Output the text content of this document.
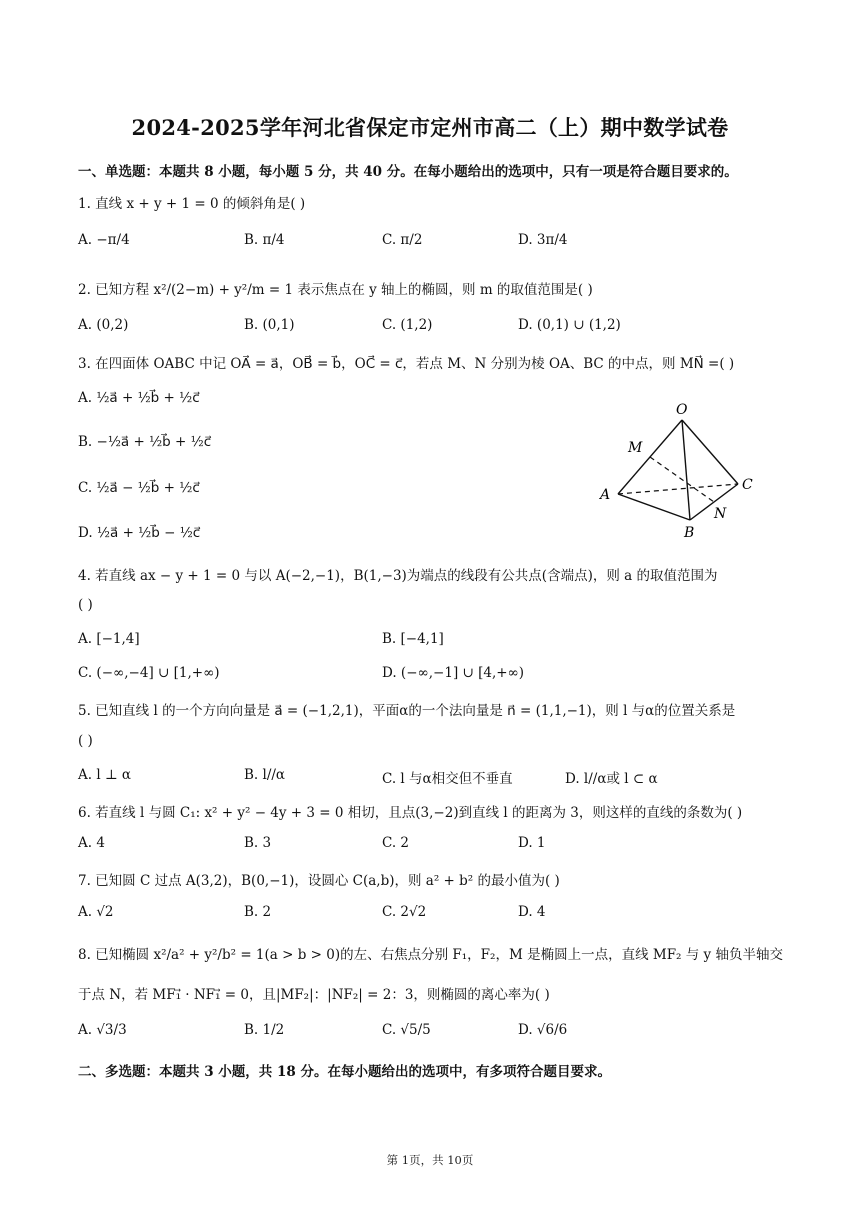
2024-2025学年河北省保定市定州市高二（上）期中数学试卷
一、单选题：本题共 8 小题，每小题 5 分，共 40 分。在每小题给出的选项中，只有一项是符合题目要求的。
1. 直线 x + y + 1 = 0 的倾斜角是( )
A. −π/4	B. π/4	C. π/2	D. 3π/4
2. 已知方程 x²/(2−m) + y²/m = 1 表示焦点在 y 轴上的椭圆，则 m 的取值范围是( )
A. (0,2)	B. (0,1)	C. (1,2)	D. (0,1) ∪ (1,2)
3. 在四面体 OABC 中记 OA⃗ = a⃗，OB⃗ = b⃗，OC⃗ = c⃗，若点 M、N 分别为棱 OA、BC 的中点，则 MN⃗ =( )
A. ½a⃗ + ½b⃗ + ½c⃗
B. −½a⃗ + ½b⃗ + ½c⃗
C. ½a⃗ − ½b⃗ + ½c⃗
D. ½a⃗ + ½b⃗ − ½c⃗
O
M
A
C
N
B
4. 若直线 ax − y + 1 = 0 与以 A(−2,−1)，B(1,−3)为端点的线段有公共点(含端点)，则 a 的取值范围为
( )
A. [−1,4]	B. [−4,1]
C. (−∞,−4] ∪ [1,+∞)	D. (−∞,−1] ∪ [4,+∞)
5. 已知直线 l 的一个方向向量是 a⃗ = (−1,2,1)，平面α的一个法向量是 n⃗ = (1,1,−1)，则 l 与α的位置关系是
( )
A. l ⊥ α	B. l//α	C. l 与α相交但不垂直	D. l//α或 l ⊂ α
6. 若直线 l 与圆 C₁: x² + y² − 4y + 3 = 0 相切，且点(3,−2)到直线 l 的距离为 3，则这样的直线的条数为( )
A. 4	B. 3	C. 2	D. 1
7. 已知圆 C 过点 A(3,2)，B(0,−1)，设圆心 C(a,b)，则 a² + b² 的最小值为( )
A. √2	B. 2	C. 2√2	D. 4
8. 已知椭圆 x²/a² + y²/b² = 1(a > b > 0)的左、右焦点分别 F₁，F₂，M 是椭圆上一点，直线 MF₂ 与 y 轴负半轴交
于点 N，若 MF₁⃗ · NF₁⃗ = 0，且|MF₂|：|NF₂| = 2：3，则椭圆的离心率为( )
A. √3/3	B. 1/2	C. √5/5	D. √6/6
二、多选题：本题共 3 小题，共 18 分。在每小题给出的选项中，有多项符合题目要求。
第 1页，共 10页
